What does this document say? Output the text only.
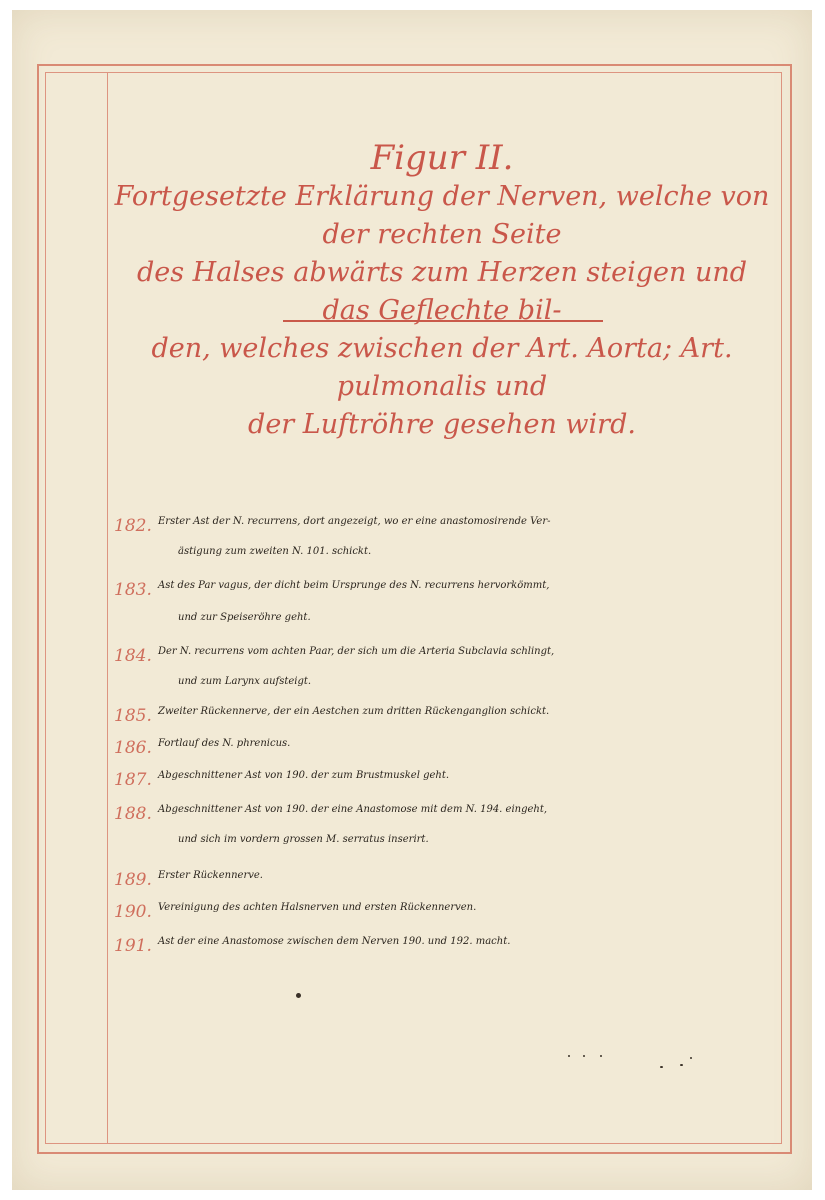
Figur II.
Fortgesetzte Erklärung der Nerven, welche von der rechten Seite
des Halses abwärts zum Herzen steigen und das Geflechte bil-
den, welches zwischen der Art. Aorta; Art. pulmonalis und
der Luftröhre gesehen wird.
182. Erster Ast der N. recurrens, dort angezeigt, wo er eine anastomosirende Ver-
ästigung zum zweiten N. 101. schickt.
183. Ast des Par vagus, der dicht beim Ursprunge des N. recurrens hervorkömmt,
und zur Speiseröhre geht.
184. Der N. recurrens vom achten Paar, der sich um die Arteria Subclavia schlingt,
und zum Larynx aufsteigt.
185. Zweiter Rückennerve, der ein Aestchen zum dritten Rückenganglion schickt.
186. Fortlauf des N. phrenicus.
187. Abgeschnittener Ast von 190. der zum Brustmuskel geht.
188. Abgeschnittener Ast von 190. der eine Anastomose mit dem N. 194. eingeht,
und sich im vordern grossen M. serratus inserirt.
189. Erster Rückennerve.
190. Vereinigung des achten Halsnerven und ersten Rückennerven.
191. Ast der eine Anastomose zwischen dem Nerven 190. und 192. macht.
